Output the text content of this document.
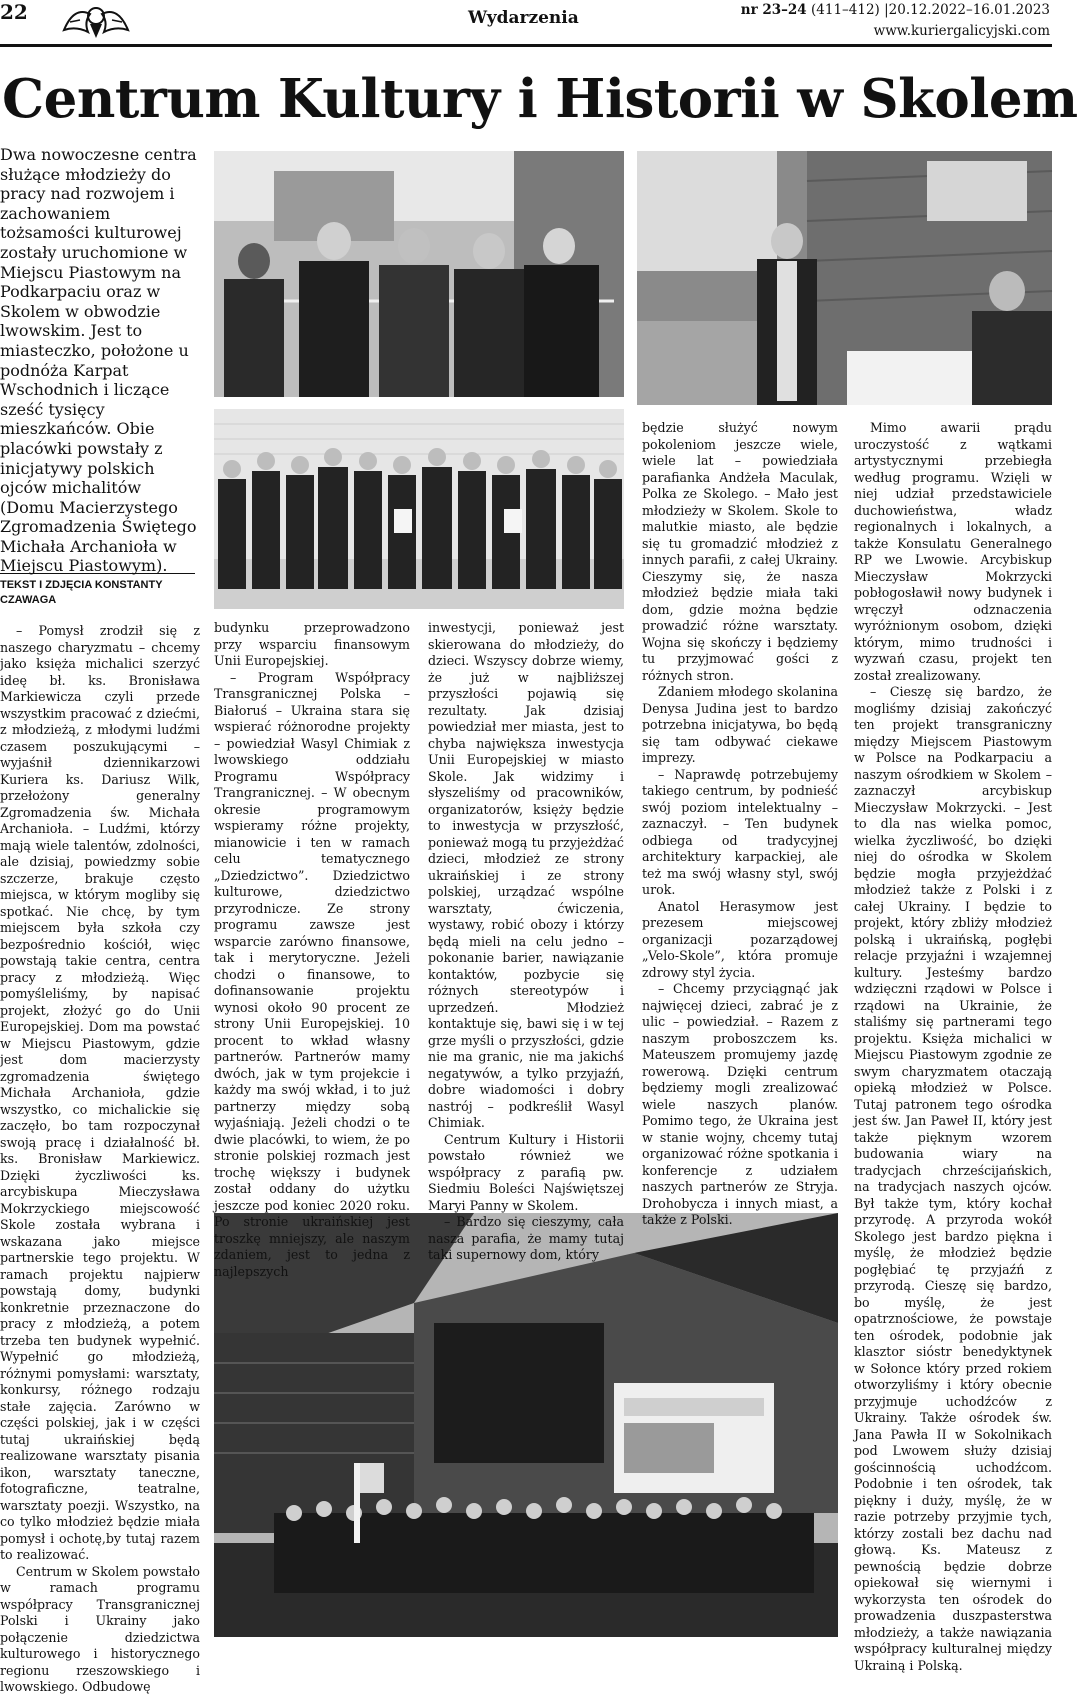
22	Wydarzenia	nr 23–24 (411–412) |20.12.2022–16.01.2023
www.kuriergalicyjski.com
Centrum Kultury i Historii w Skolem

Dwa nowoczesne centra służące młodzieży do pracy nad rozwojem i zachowaniem tożsamości kulturowej zostały uruchomione w Miejscu Piastowym na Podkarpaciu oraz w Skolem w obwodzie lwowskim. Jest to miasteczko, położone u podnóża Karpat Wschodnich i liczące sześć tysięcy mieszkańców. Obie placówki powstały z inicjatywy polskich ojców michalitów (Domu Macierzystego Zgromadzenia Świętego Michała Archanioła w Miejscu Piastowym).

TEKST I ZDJĘCIA KONSTANTY CZAWAGA

– Pomysł zrodził się z naszego charyzmatu – chcemy jako księża michalici szerzyć ideę bł. ks. Bronisława Markiewicza czyli przede wszystkim pracować z dziećmi, z młodzieżą, z młodymi ludźmi czasem poszukującymi – wyjaśnił dziennikarzowi Kuriera ks. Dariusz Wilk, przełożony generalny Zgromadzenia św. Michała Archanioła. – Ludźmi, którzy mają wiele talentów, zdolności, ale dzisiaj, powiedzmy sobie szczerze, brakuje często miejsca, w którym mogliby się spotkać. Nie chcę, by tym miejscem była szkoła czy bezpośrednio kościół, więc powstają takie centra, centra pracy z młodzieżą. Więc pomyśleliśmy, by napisać projekt, złożyć go do Unii Europejskiej. Dom ma powstać w Miejscu Piastowym, gdzie jest dom macierzysty zgromadzenia świętego Michała Archanioła, gdzie wszystko, co michalickie się zaczęło, bo tam rozpoczynał swoją pracę i działalność bł. ks. Bronisław Markiewicz. Dzięki życzliwości ks. arcybiskupa Mieczysława Mokrzyckiego miejscowość Skole została wybrana i wskazana jako miejsce partnerskie tego projektu. W ramach projektu najpierw powstają domy, budynki konkretnie przeznaczone do pracy z młodzieżą, a potem trzeba ten budynek wypełnić. Wypełnić go młodzieżą, różnymi pomysłami: warsztaty, konkursy, różnego rodzaju stałe zajęcia. Zarówno w części polskiej, jak i w części tutaj ukraińskiej będą realizowane warsztaty pisania ikon, warsztaty taneczne, fotograficzne, teatralne, warsztaty poezji. Wszystko, na co tylko młodzież będzie miała pomysł i ochotę,by tutaj razem to realizować.

Centrum w Skolem powstało w ramach programu współpracy Transgranicznej Polski i Ukrainy jako połączenie dziedzictwa kulturowego i historycznego regionu rzeszowskiego i lwowskiego. Odbudowę

budynku przeprowadzono przy wsparciu finansowym Unii Europejskiej.

– Program Współpracy Transgranicznej Polska – Białoruś – Ukraina stara się wspierać różnorodne projekty – powiedział Wasyl Chimiak z lwowskiego oddziału Programu Współpracy Trangranicznej. – W obecnym okresie programowym wspieramy różne projekty, mianowicie i ten w ramach celu tematycznego „Dziedzictwo”. Dziedzictwo kulturowe, dziedzictwo przyrodnicze. Ze strony programu zawsze jest wsparcie zarówno finansowe, tak i merytoryczne. Jeżeli chodzi o finansowe, to dofinansowanie projektu wynosi około 90 procent ze strony Unii Europejskiej. 10 procent to wkład własny partnerów. Partnerów mamy dwóch, jak w tym projekcie i każdy ma swój wkład, i to już partnerzy między sobą wyjaśniają. Jeżeli chodzi o te dwie placówki, to wiem, że po stronie polskiej rozmach jest trochę większy i budynek został oddany do użytku jeszcze pod koniec 2020 roku. Po stronie ukraińskiej jest troszkę mniejszy, ale naszym zdaniem, jest to jedna z najlepszych

inwestycji, ponieważ jest skierowana do młodzieży, do dzieci. Wszyscy dobrze wiemy, że już w najbliższej przyszłości pojawią się rezultaty. Jak dzisiaj powiedział mer miasta, jest to chyba największa inwestycja Unii Europejskiej w miasto Skole. Jak widzimy i słyszeliśmy od pracowników, organizatorów, księży będzie to inwestycja w przyszłość, ponieważ mogą tu przyjeżdżać dzieci, młodzież ze strony ukraińskiej i ze strony polskiej, urządzać wspólne warsztaty, ćwiczenia, wystawy, robić obozy i którzy będą mieli na celu jedno – pokonanie barier, nawiązanie kontaktów, pozbycie się różnych stereotypów i uprzedzeń. Młodzież kontaktuje się, bawi się i w tej grze myśli o przyszłości, gdzie nie ma granic, nie ma jakichś negatywów, a tylko przyjaźń, dobre wiadomości i dobry nastrój – podkreślił Wasyl Chimiak.

Centrum Kultury i Historii powstało również we współpracy z parafią pw. Siedmiu Boleści Najświętszej Maryi Panny w Skolem.

– Bardzo się cieszymy, cała nasza parafia, że mamy tutaj taki supernowy dom, który

będzie służyć nowym pokoleniom jeszcze wiele, wiele lat – powiedziała parafianka Andżeła Maculak, Polka ze Skolego. – Mało jest młodzieży w Skolem. Skole to malutkie miasto, ale będzie się tu gromadzić młodzież z innych parafii, z całej Ukrainy. Cieszymy się, że nasza młodzież będzie miała taki dom, gdzie można będzie prowadzić różne warsztaty. Wojna się skończy i będziemy tu przyjmować gości z różnych stron.

Zdaniem młodego skolanina Denysa Judina jest to bardzo potrzebna inicjatywa, bo będą się tam odbywać ciekawe imprezy.

– Naprawdę potrzebujemy takiego centrum, by podnieść swój poziom intelektualny – zaznaczył. – Ten budynek odbiega od tradycyjnej architektury karpackiej, ale też ma swój własny styl, swój urok.

Anatol Herasymow jest prezesem miejscowej organizacji pozarządowej „Velo-Skole”, która promuje zdrowy styl życia.

– Chcemy przyciągnąć jak najwięcej dzieci, zabrać je z ulic – powiedział. – Razem z naszym proboszczem ks. Mateuszem promujemy jazdę rowerową. Dzięki centrum będziemy mogli zrealizować wiele naszych planów. Pomimo tego, że Ukraina jest w stanie wojny, chcemy tutaj organizować różne spotkania i konferencje z udziałem naszych partnerów ze Stryja. Drohobycza i innych miast, a także z Polski.

Mimo awarii prądu uroczystość z wątkami artystycznymi przebiegła według programu. Wzięli w niej udział przedstawiciele duchowieństwa, władz regionalnych i lokalnych, a także Konsulatu Generalnego RP we Lwowie. Arcybiskup Mieczysław Mokrzycki pobłogosławił nowy budynek i wręczył odznaczenia wyróżnionym osobom, dzięki którym, mimo trudności i wyzwań czasu, projekt ten został zrealizowany.

– Cieszę się bardzo, że mogliśmy dzisiaj zakończyć ten projekt transgraniczny między Miejscem Piastowym w Polsce na Podkarpaciu a naszym ośrodkiem w Skolem – zaznaczył arcybiskup Mieczysław Mokrzycki. – Jest to dla nas wielka pomoc, wielka życzliwość, bo dzięki niej do ośrodka w Skolem będzie mogła przyjeżdżać młodzież także z Polski i z całej Ukrainy. I będzie to projekt, który zbliży młodzież polską i ukraińską, pogłębi relacje przyjaźni i wzajemnej kultury. Jesteśmy bardzo wdzięczni rządowi w Polsce i rządowi na Ukrainie, że staliśmy się partnerami tego projektu. Księża michalici w Miejscu Piastowym zgodnie ze swym charyzmatem otaczają opieką młodzież w Polsce. Tutaj patronem tego ośrodka jest św. Jan Paweł II, który jest także pięknym wzorem budowania wiary na tradycjach chrześcijańskich, na tradycjach naszych ojców. Był także tym, który kochał przyrodę. A przyroda wokół Skolego jest bardzo piękna i myślę, że młodzież będzie pogłębiać tę przyjaźń z przyrodą. Cieszę się bardzo, bo myślę, że jest opatrznościowe, że powstaje ten ośrodek, podobnie jak klasztor sióstr benedyktynek w Sołonce który przed rokiem otworzyliśmy i który obecnie przyjmuje uchodźców z Ukrainy. Także ośrodek św. Jana Pawła II w Sokolnikach pod Lwowem służy dzisiaj gościnnością uchodźcom. Podobnie i ten ośrodek, tak piękny i duży, myślę, że w razie potrzeby przyjmie tych, którzy zostali bez dachu nad głową. Ks. Mateusz z pewnością będzie dobrze opiekował się wiernymi i wykorzysta ten ośrodek do prowadzenia duszpasterstwa młodzieży, a także nawiązania współpracy kulturalnej między Ukrainą i Polską.
